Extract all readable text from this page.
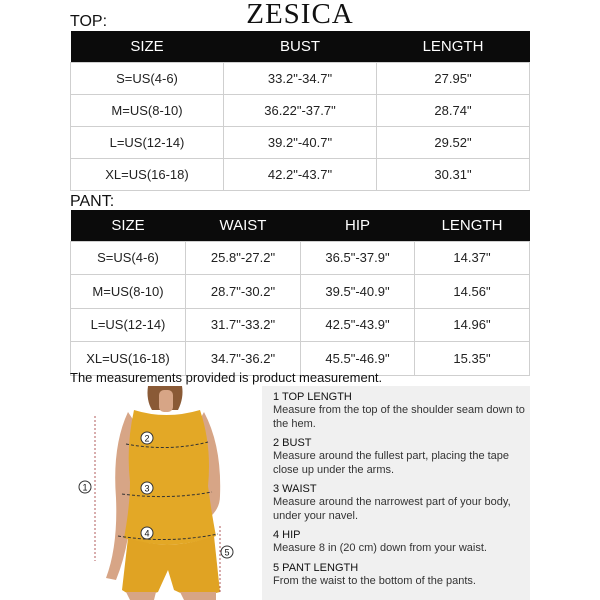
ZESICA
TOP:
SIZE	BUST	LENGTH
S=US(4-6)	33.2"-34.7"	27.95"
M=US(8-10)	36.22"-37.7"	28.74"
L=US(12-14)	39.2"-40.7"	29.52"
XL=US(16-18)	42.2"-43.7"	30.31"
PANT:
SIZE	WAIST	HIP	LENGTH
S=US(4-6)	25.8"-27.2"	36.5"-37.9"	14.37"
M=US(8-10)	28.7"-30.2"	39.5"-40.9"	14.56"
L=US(12-14)	31.7"-33.2"	42.5"-43.9"	14.96"
XL=US(16-18)	34.7"-36.2"	45.5"-46.9"	15.35"
The measurements provided is product measurement.
1
2
3
4
5
1 TOP LENGTH
Measure from the top of the shoulder seam down to the hem.
2 BUST
Measure around the fullest part, placing the tape close up under the arms.
3 WAIST
Measure around the narrowest part of your body, under your navel.
4 HIP
Measure 8 in (20 cm) down from your waist.
5 PANT LENGTH
From the waist to the bottom of the pants.
